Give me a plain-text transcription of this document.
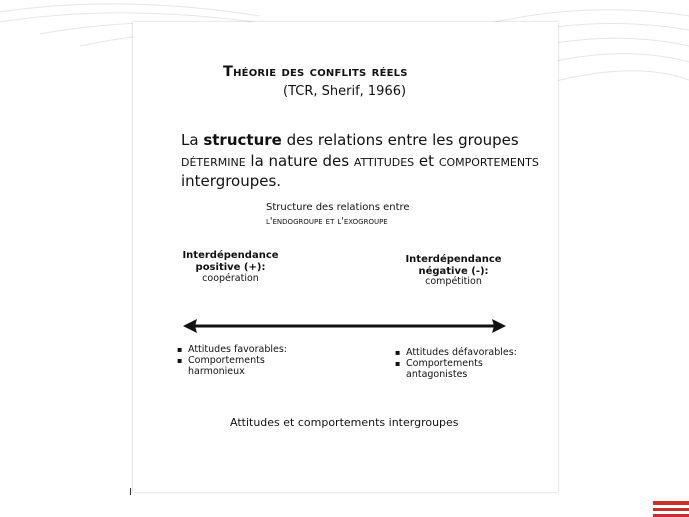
Théorie des conflits réels
(TCR, Sherif, 1966)
La structure des relations entre les groupes détermine la nature des attitudes et comportements intergroupes.
Structure des relations entre
l'endogroupe et l'exogroupe
Interdépendance positive (+):
coopération
Interdépendance négative (-):
compétition
▪ Attitudes favorables:
▪ Comportements harmonieux
▪ Attitudes défavorables:
▪ Comportements antagonistes
Attitudes et comportements intergroupes
